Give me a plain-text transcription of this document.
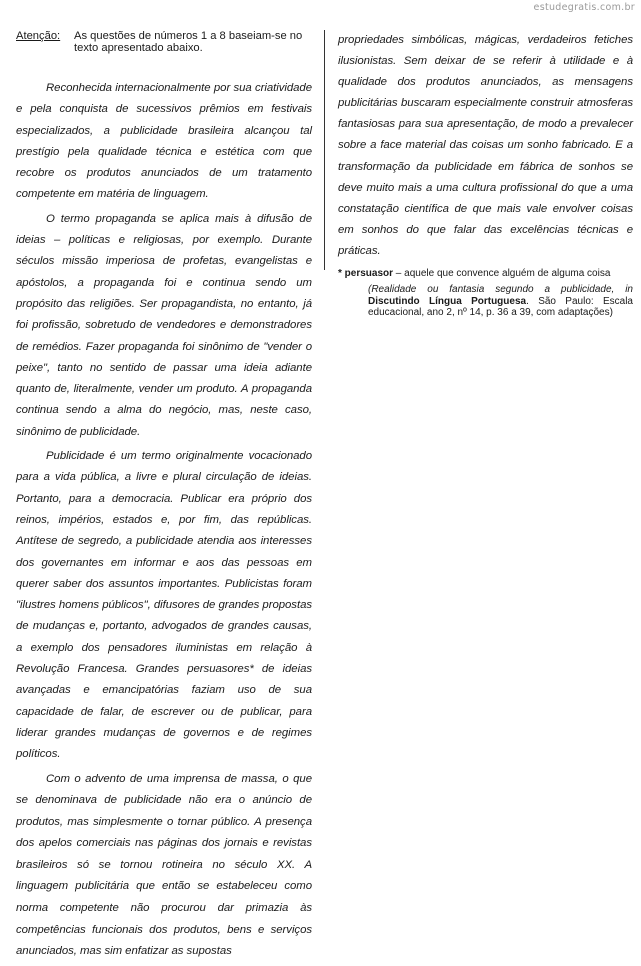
estudegratis.com.br
Atenção:	As questões de números 1 a 8 baseiam-se no texto apresentado abaixo.

Reconhecida internacionalmente por sua criatividade e pela conquista de sucessivos prêmios em festivais especializados, a publicidade brasileira alcançou tal prestígio pela qualidade técnica e estética com que recobre os produtos anunciados de um tratamento competente em matéria de linguagem.

O termo propaganda se aplica mais à difusão de ideias – políticas e religiosas, por exemplo. Durante séculos missão imperiosa de profetas, evangelistas e apóstolos, a propaganda foi e continua sendo um propósito das religiões. Ser propagandista, no entanto, já foi profissão, sobretudo de vendedores e demonstradores de remédios. Fazer propaganda foi sinônimo de "vender o peixe", tanto no sentido de passar uma ideia adiante quanto de, literalmente, vender um produto. A propaganda continua sendo a alma do negócio, mas, neste caso, sinônimo de publicidade.

Publicidade é um termo originalmente vocacionado para a vida pública, a livre e plural circulação de ideias. Portanto, para a democracia. Publicar era próprio dos reinos, impérios, estados e, por fim, das repúblicas. Antítese de segredo, a publicidade atendia aos interesses dos governantes em informar e aos das pessoas em querer saber dos assuntos importantes. Publicistas foram "ilustres homens públicos", difusores de grandes propostas de mudanças e, portanto, advogados de grandes causas, a exemplo dos pensadores iluministas em relação à Revolução Francesa. Grandes persuasores* de ideias avançadas e emancipatórias faziam uso de sua capacidade de falar, de escrever ou de publicar, para liderar grandes mudanças de governos e de regimes políticos.

Com o advento de uma imprensa de massa, o que se denominava de publicidade não era o anúncio de produtos, mas simplesmente o tornar público. A presença dos apelos comerciais nas páginas dos jornais e revistas brasileiros só se tornou rotineira no século XX. A linguagem publicitária que então se estabeleceu como norma competente não procurou dar primazia às competências funcionais dos produtos, bens e serviços anunciados, mas sim enfatizar as supostas

propriedades simbólicas, mágicas, verdadeiros fetiches ilusionistas. Sem deixar de se referir à utilidade e à qualidade dos produtos anunciados, as mensagens publicitárias buscaram especialmente construir atmosferas fantasiosas para sua apresentação, de modo a prevalecer sobre a face material das coisas um sonho fabricado. E a transformação da publicidade em fábrica de sonhos se deve muito mais a uma cultura profissional do que a uma constatação científica de que mais vale envolver coisas em sonhos do que falar das excelências técnicas e práticas.

* persuasor – aquele que convence alguém de alguma coisa
(Realidade ou fantasia segundo a publicidade, in Discutindo Língua Portuguesa. São Paulo: Escala educacional, ano 2, nº 14, p. 36 a 39, com adaptações)
